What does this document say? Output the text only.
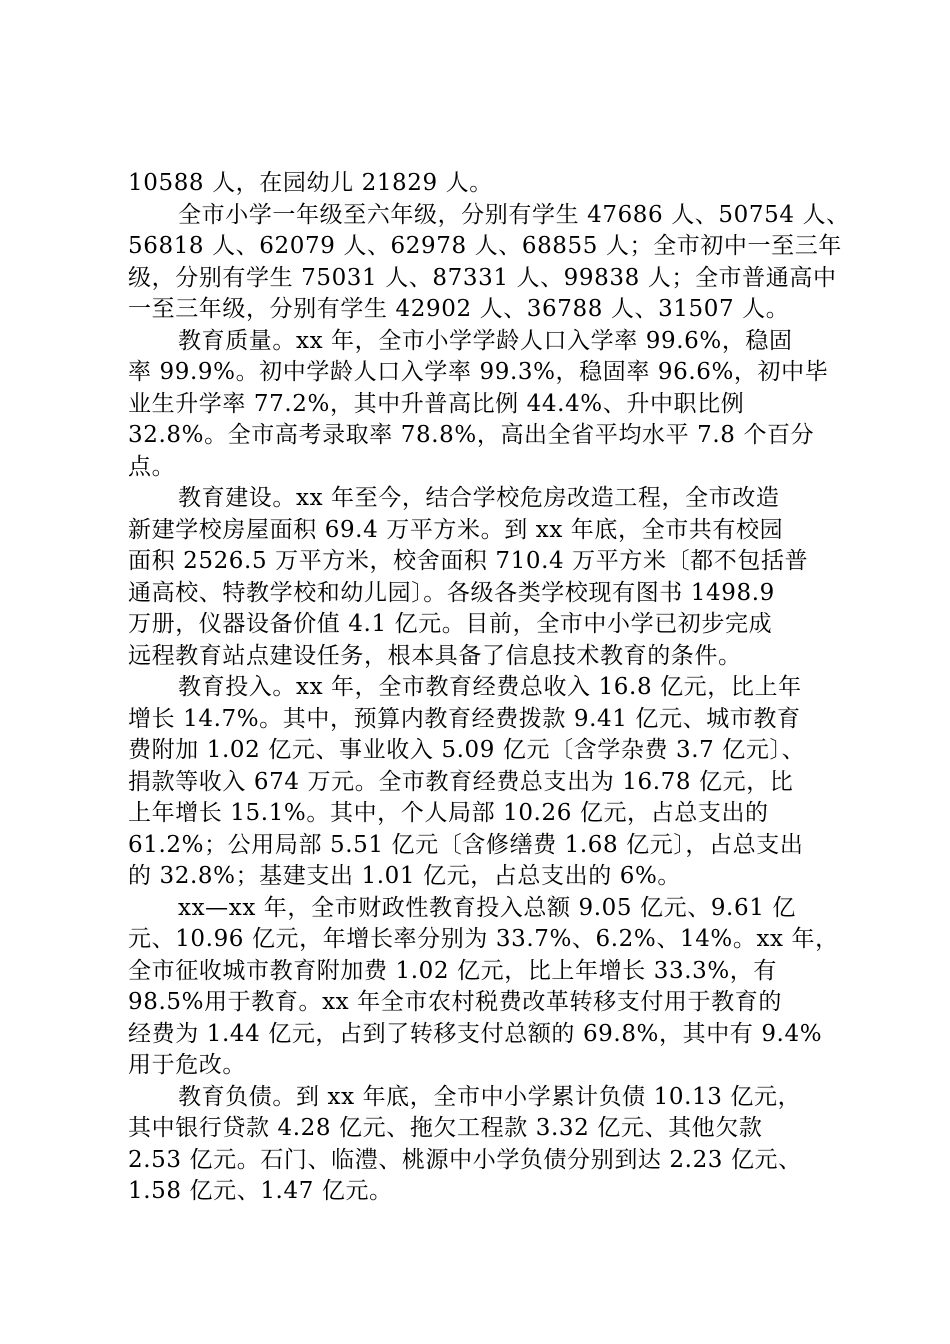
10588 人，在园幼儿 21829 人。
全市小学一年级至六年级，分别有学生 47686 人、50754 人、
56818 人、62079 人、62978 人、68855 人；全市初中一至三年
级，分别有学生 75031 人、87331 人、99838 人；全市普通高中
一至三年级，分别有学生 42902 人、36788 人、31507 人。
教育质量。xx 年，全市小学学龄人口入学率 99.6%，稳固
率 99.9%。初中学龄人口入学率 99.3%，稳固率 96.6%，初中毕
业生升学率 77.2%，其中升普高比例 44.4%、升中职比例
32.8%。全市高考录取率 78.8%，高出全省平均水平 7.8 个百分
点。
教育建设。xx 年至今，结合学校危房改造工程，全市改造
新建学校房屋面积 69.4 万平方米。到 xx 年底，全市共有校园
面积 2526.5 万平方米，校舍面积 710.4 万平方米〔都不包括普
通高校、特教学校和幼儿园〕。各级各类学校现有图书 1498.9
万册，仪器设备价值 4.1 亿元。目前，全市中小学已初步完成
远程教育站点建设任务，根本具备了信息技术教育的条件。
教育投入。xx 年，全市教育经费总收入 16.8 亿元，比上年
增长 14.7%。其中，预算内教育经费拨款 9.41 亿元、城市教育
费附加 1.02 亿元、事业收入 5.09 亿元〔含学杂费 3.7 亿元〕、
捐款等收入 674 万元。全市教育经费总支出为 16.78 亿元，比
上年增长 15.1%。其中，个人局部 10.26 亿元，占总支出的
61.2%；公用局部 5.51 亿元〔含修缮费 1.68 亿元〕，占总支出
的 32.8%；基建支出 1.01 亿元，占总支出的 6%。
xx—xx 年，全市财政性教育投入总额 9.05 亿元、9.61 亿
元、10.96 亿元，年增长率分别为 33.7%、6.2%、14%。xx 年，
全市征收城市教育附加费 1.02 亿元，比上年增长 33.3%，有
98.5%用于教育。xx 年全市农村税费改革转移支付用于教育的
经费为 1.44 亿元，占到了转移支付总额的 69.8%，其中有 9.4%
用于危改。
教育负债。到 xx 年底，全市中小学累计负债 10.13 亿元，
其中银行贷款 4.28 亿元、拖欠工程款 3.32 亿元、其他欠款
2.53 亿元。石门、临澧、桃源中小学负债分别到达 2.23 亿元、
1.58 亿元、1.47 亿元。
